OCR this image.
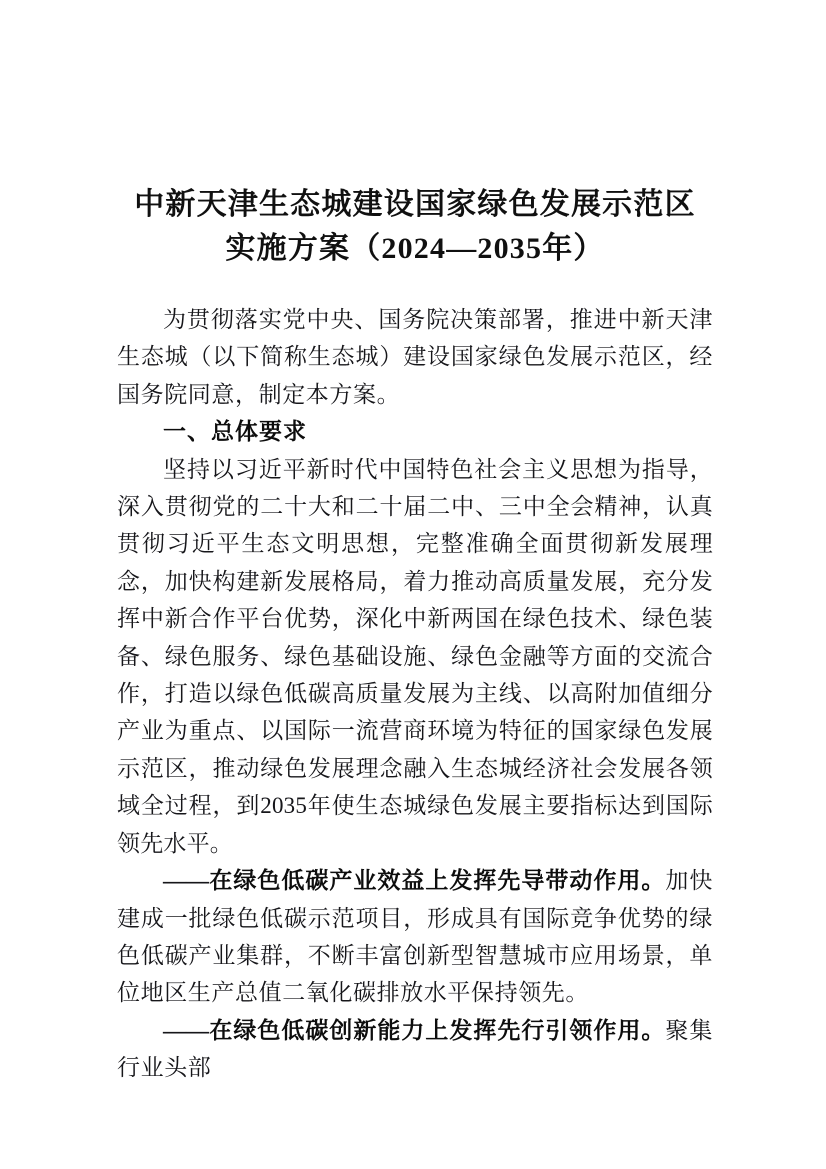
中新天津生态城建设国家绿色发展示范区
实施方案（2024—2035年）

为贯彻落实党中央、国务院决策部署，推进中新天津生态城（以下简称生态城）建设国家绿色发展示范区，经国务院同意，制定本方案。

一、总体要求

坚持以习近平新时代中国特色社会主义思想为指导，深入贯彻党的二十大和二十届二中、三中全会精神，认真贯彻习近平生态文明思想，完整准确全面贯彻新发展理念，加快构建新发展格局，着力推动高质量发展，充分发挥中新合作平台优势，深化中新两国在绿色技术、绿色装备、绿色服务、绿色基础设施、绿色金融等方面的交流合作，打造以绿色低碳高质量发展为主线、以高附加值细分产业为重点、以国际一流营商环境为特征的国家绿色发展示范区，推动绿色发展理念融入生态城经济社会发展各领域全过程，到2035年使生态城绿色发展主要指标达到国际领先水平。

——在绿色低碳产业效益上发挥先导带动作用。加快建成一批绿色低碳示范项目，形成具有国际竞争优势的绿色低碳产业集群，不断丰富创新型智慧城市应用场景，单位地区生产总值二氧化碳排放水平保持领先。

——在绿色低碳创新能力上发挥先行引领作用。聚集行业头部
